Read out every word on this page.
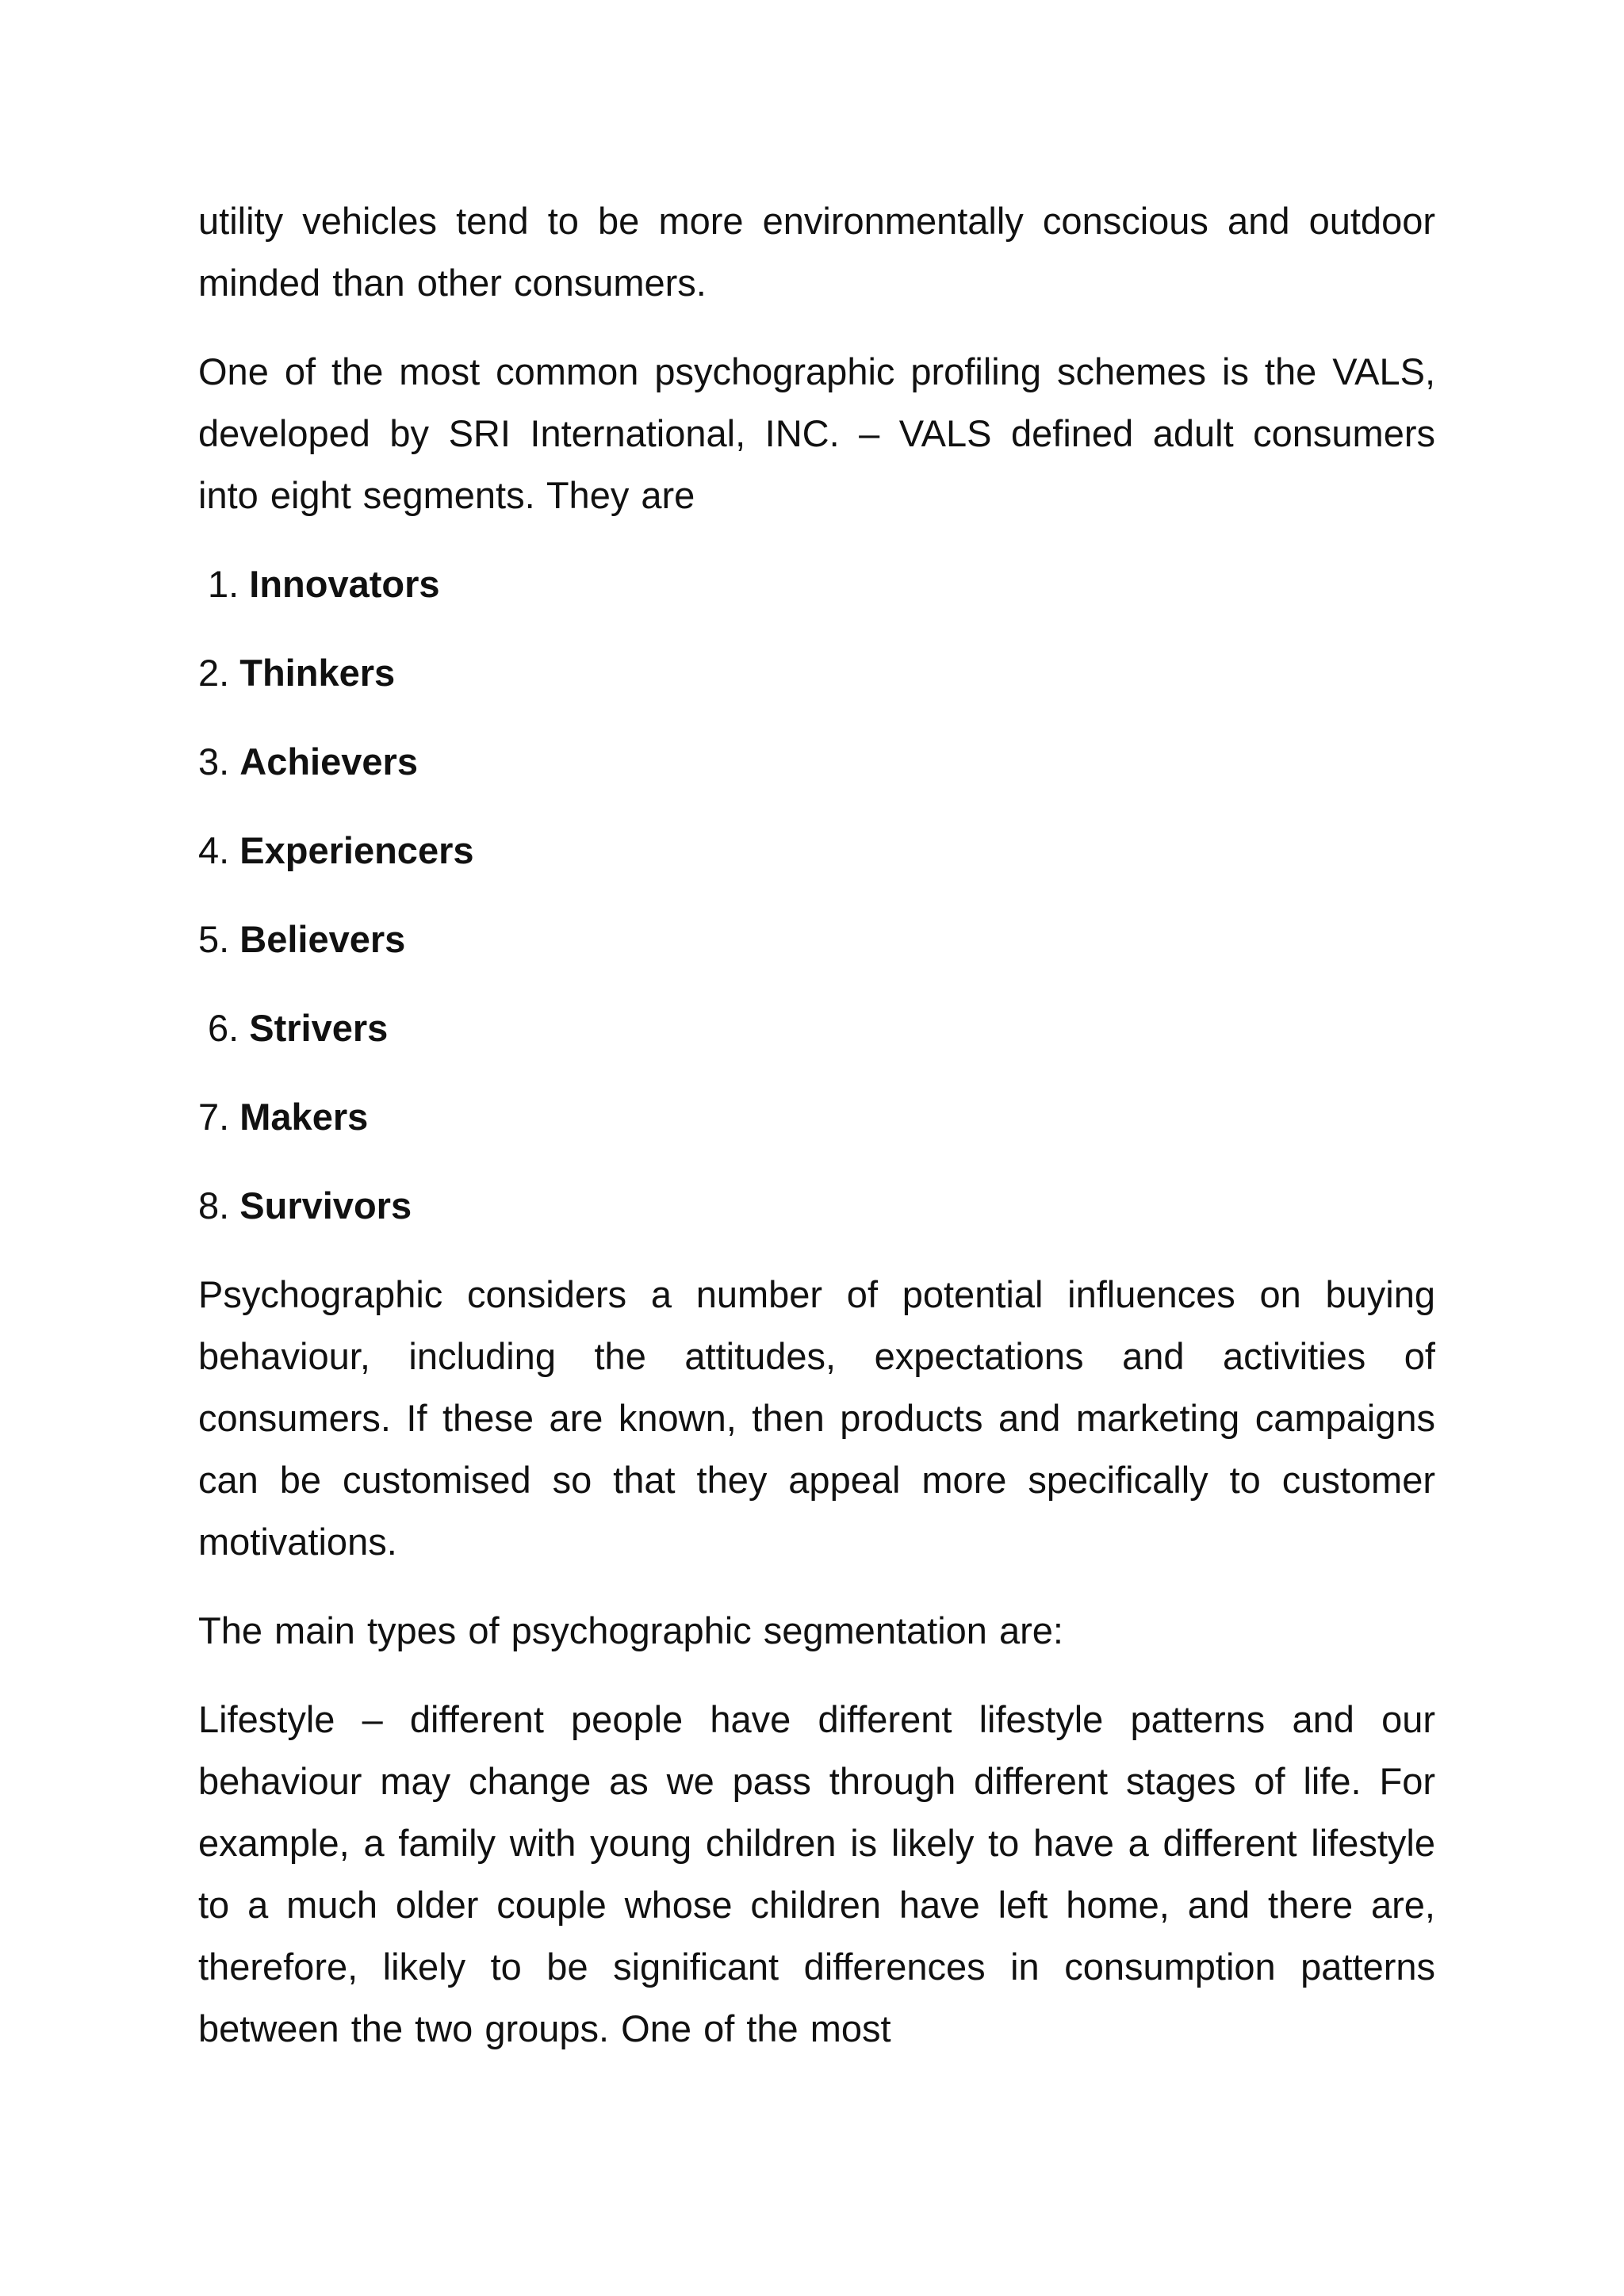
utility vehicles tend to be more environmentally conscious and outdoor minded than other consumers.

One of the most common psychographic profiling schemes is the VALS, developed by SRI International, INC. – VALS defined adult consumers into eight segments. They are

1. Innovators
2. Thinkers
3. Achievers
4. Experiencers
5. Believers
6. Strivers
7. Makers
8. Survivors

Psychographic considers a number of potential influences on buying behaviour, including the attitudes, expectations and activities of consumers. If these are known, then products and marketing campaigns can be customised so that they appeal more specifically to customer motivations.

The main types of psychographic segmentation are:

Lifestyle – different people have different lifestyle patterns and our behaviour may change as we pass through different stages of life. For example, a family with young children is likely to have a different lifestyle to a much older couple whose children have left home, and there are, therefore, likely to be significant differences in consumption patterns between the two groups. One of the most
